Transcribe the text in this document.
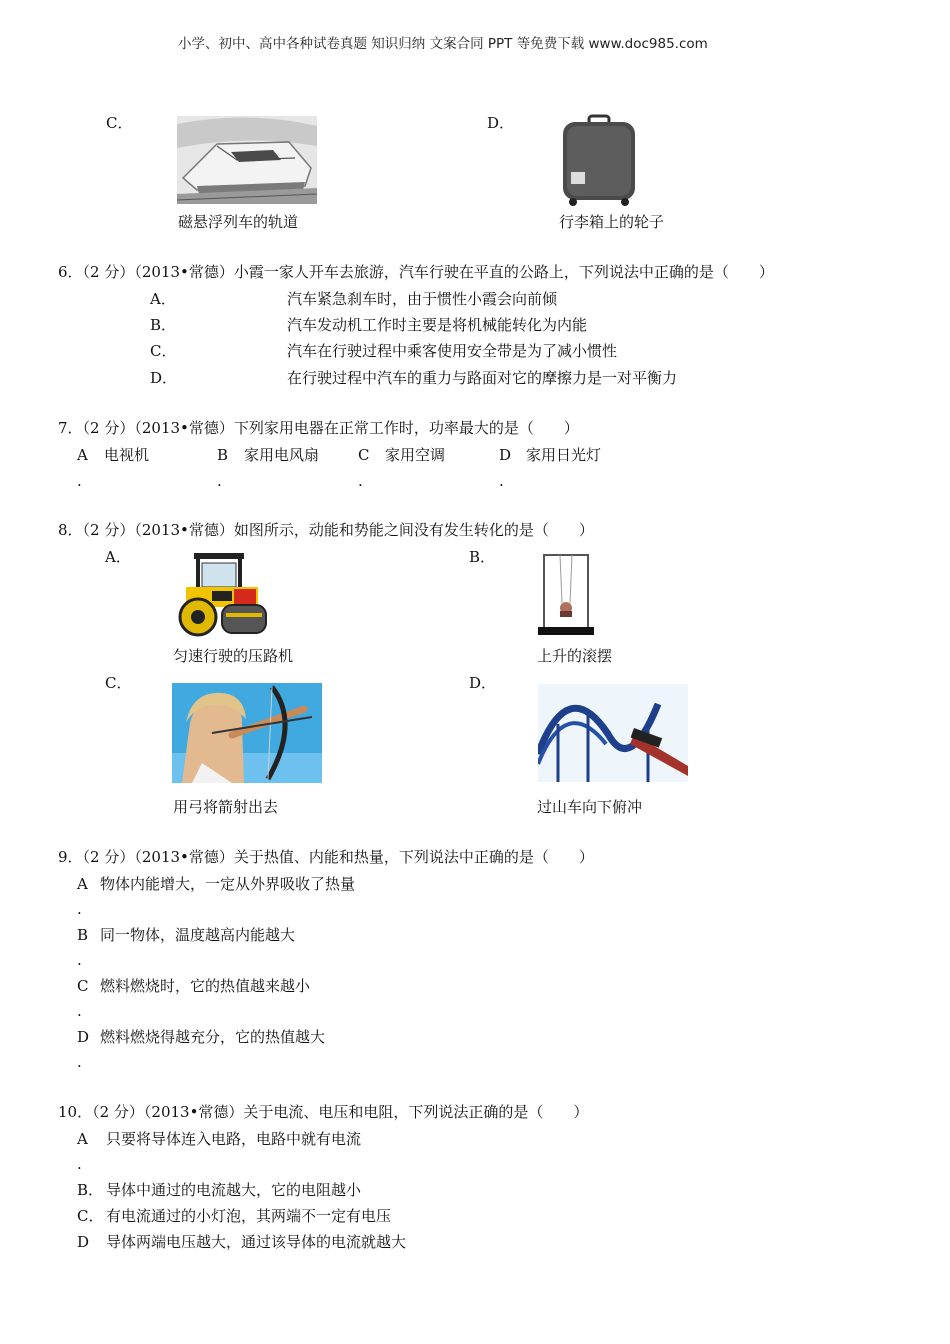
小学、初中、高中各种试卷真题 知识归纳 文案合同 PPT 等免费下载 www.doc985.com
C．
磁悬浮列车的轨道
D．
行李箱上的轮子
6．（2 分）（2013•常德）小霞一家人开车去旅游，汽车行驶在平直的公路上，下列说法中正确的是（　　）
A．	汽车紧急刹车时，由于惯性小霞会向前倾
B．	汽车发动机工作时主要是将机械能转化为内能
C．	汽车在行驶过程中乘客使用安全带是为了减小惯性
D．	在行驶过程中汽车的重力与路面对它的摩擦力是一对平衡力
7．（2 分）（2013•常德）下列家用电器在正常工作时，功率最大的是（　　）
A 电视机
.
B 家用电风扇
.
C 家用空调
.
D 家用日光灯
.
8．（2 分）（2013•常德）如图所示，动能和势能之间没有发生转化的是（　　）
A．
匀速行驶的压路机
B．
上升的滚摆
C．
用弓将箭射出去
D．
过山车向下俯冲
9．（2 分）（2013•常德）关于热值、内能和热量，下列说法中正确的是（　　）
A 物体内能增大，一定从外界吸收了热量
.
B 同一物体，温度越高内能越大
.
C 燃料燃烧时，它的热值越来越小
.
D 燃料燃烧得越充分，它的热值越大
.
10．（2 分）（2013•常德）关于电流、电压和电阻，下列说法正确的是（　　）
A 只要将导体连入电路，电路中就有电流
.
B． 导体中通过的电流越大，它的电阻越小
C． 有电流通过的小灯泡，其两端不一定有电压
D 导体两端电压越大，通过该导体的电流就越大
